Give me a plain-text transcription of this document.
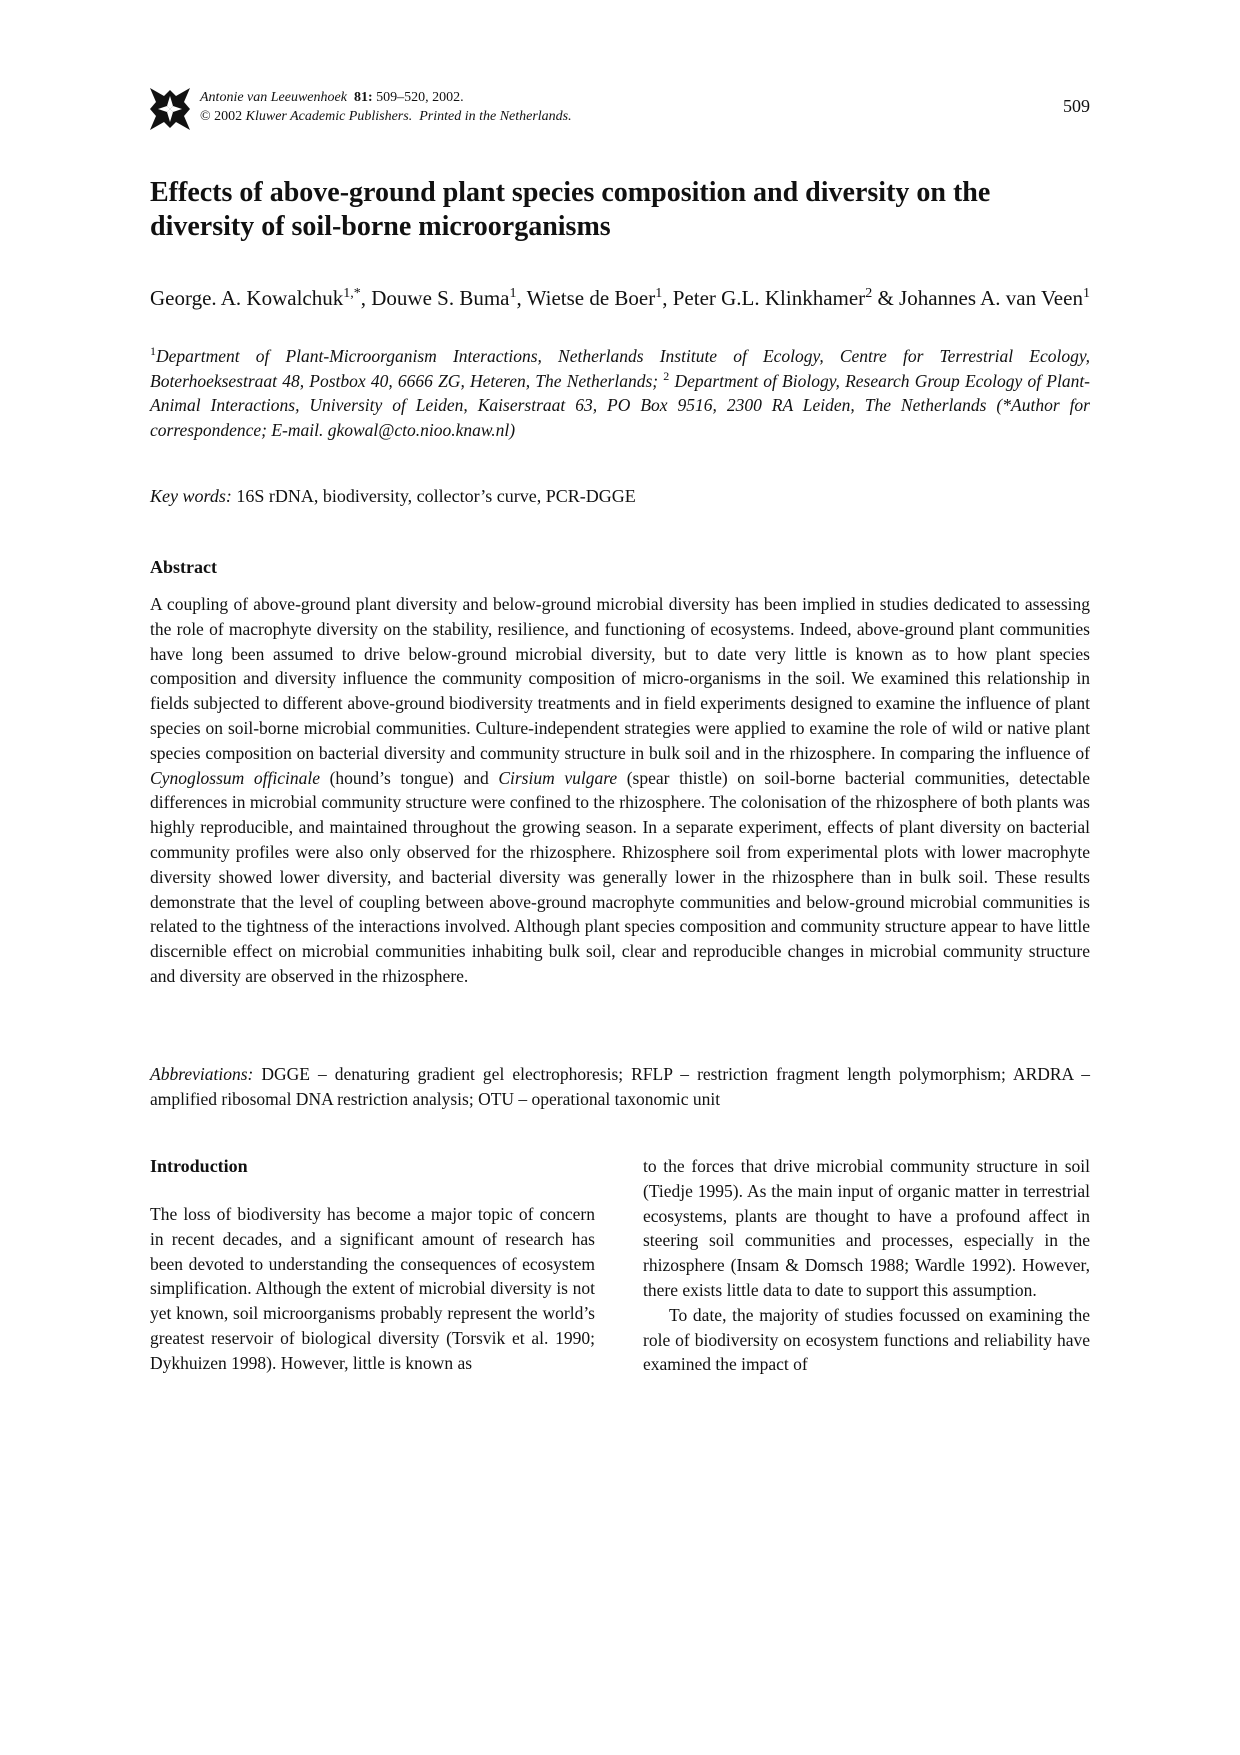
Antonie van Leeuwenhoek 81: 509–520, 2002.
© 2002 Kluwer Academic Publishers. Printed in the Netherlands.
509
Effects of above-ground plant species composition and diversity on the diversity of soil-borne microorganisms

George. A. Kowalchuk$^{1,*}$, Douwe S. Buma$^1$, Wietse de Boer$^1$, Peter G.L. Klinkhamer$^2$ & Johannes A. van Veen$^1$

$^1$Department of Plant-Microorganism Interactions, Netherlands Institute of Ecology, Centre for Terrestrial Ecology, Boterhoeksestraat 48, Postbox 40, 6666 ZG, Heteren, The Netherlands; $^2$ Department of Biology, Research Group Ecology of Plant-Animal Interactions, University of Leiden, Kaiserstraat 63, PO Box 9516, 2300 RA Leiden, The Netherlands (*Author for correspondence; E-mail. gkowal@cto.nioo.knaw.nl)

Key words: 16S rDNA, biodiversity, collector’s curve, PCR-DGGE

Abstract

A coupling of above-ground plant diversity and below-ground microbial diversity has been implied in studies dedicated to assessing the role of macrophyte diversity on the stability, resilience, and functioning of ecosystems. Indeed, above-ground plant communities have long been assumed to drive below-ground microbial diversity, but to date very little is known as to how plant species composition and diversity influence the community composition of micro-organisms in the soil. We examined this relationship in fields subjected to different above-ground biodiversity treatments and in field experiments designed to examine the influence of plant species on soil-borne microbial communities. Culture-independent strategies were applied to examine the role of wild or native plant species composition on bacterial diversity and community structure in bulk soil and in the rhizosphere. In comparing the influence of Cynoglossum officinale (hound’s tongue) and Cirsium vulgare (spear thistle) on soil-borne bacterial communities, detectable differences in microbial community structure were confined to the rhizosphere. The colonisation of the rhizosphere of both plants was highly reproducible, and maintained throughout the growing season. In a separate experiment, effects of plant diversity on bacterial community profiles were also only observed for the rhizosphere. Rhizosphere soil from experimental plots with lower macrophyte diversity showed lower diversity, and bacterial diversity was generally lower in the rhizosphere than in bulk soil. These results demonstrate that the level of coupling between above-ground macrophyte communities and below-ground microbial communities is related to the tightness of the interactions involved. Although plant species composition and community structure appear to have little discernible effect on microbial communities inhabiting bulk soil, clear and reproducible changes in microbial community structure and diversity are observed in the rhizosphere.

Abbreviations: DGGE – denaturing gradient gel electrophoresis; RFLP – restriction fragment length polymorphism; ARDRA – amplified ribosomal DNA restriction analysis; OTU – operational taxonomic unit

Introduction

The loss of biodiversity has become a major topic of concern in recent decades, and a significant amount of research has been devoted to understanding the consequences of ecosystem simplification. Although the extent of microbial diversity is not yet known, soil microorganisms probably represent the world’s greatest reservoir of biological diversity (Torsvik et al. 1990; Dykhuizen 1998). However, little is known as

to the forces that drive microbial community structure in soil (Tiedje 1995). As the main input of organic matter in terrestrial ecosystems, plants are thought to have a profound affect in steering soil communities and processes, especially in the rhizosphere (Insam & Domsch 1988; Wardle 1992). However, there exists little data to date to support this assumption.

To date, the majority of studies focussed on examining the role of biodiversity on ecosystem functions and reliability have examined the impact of
